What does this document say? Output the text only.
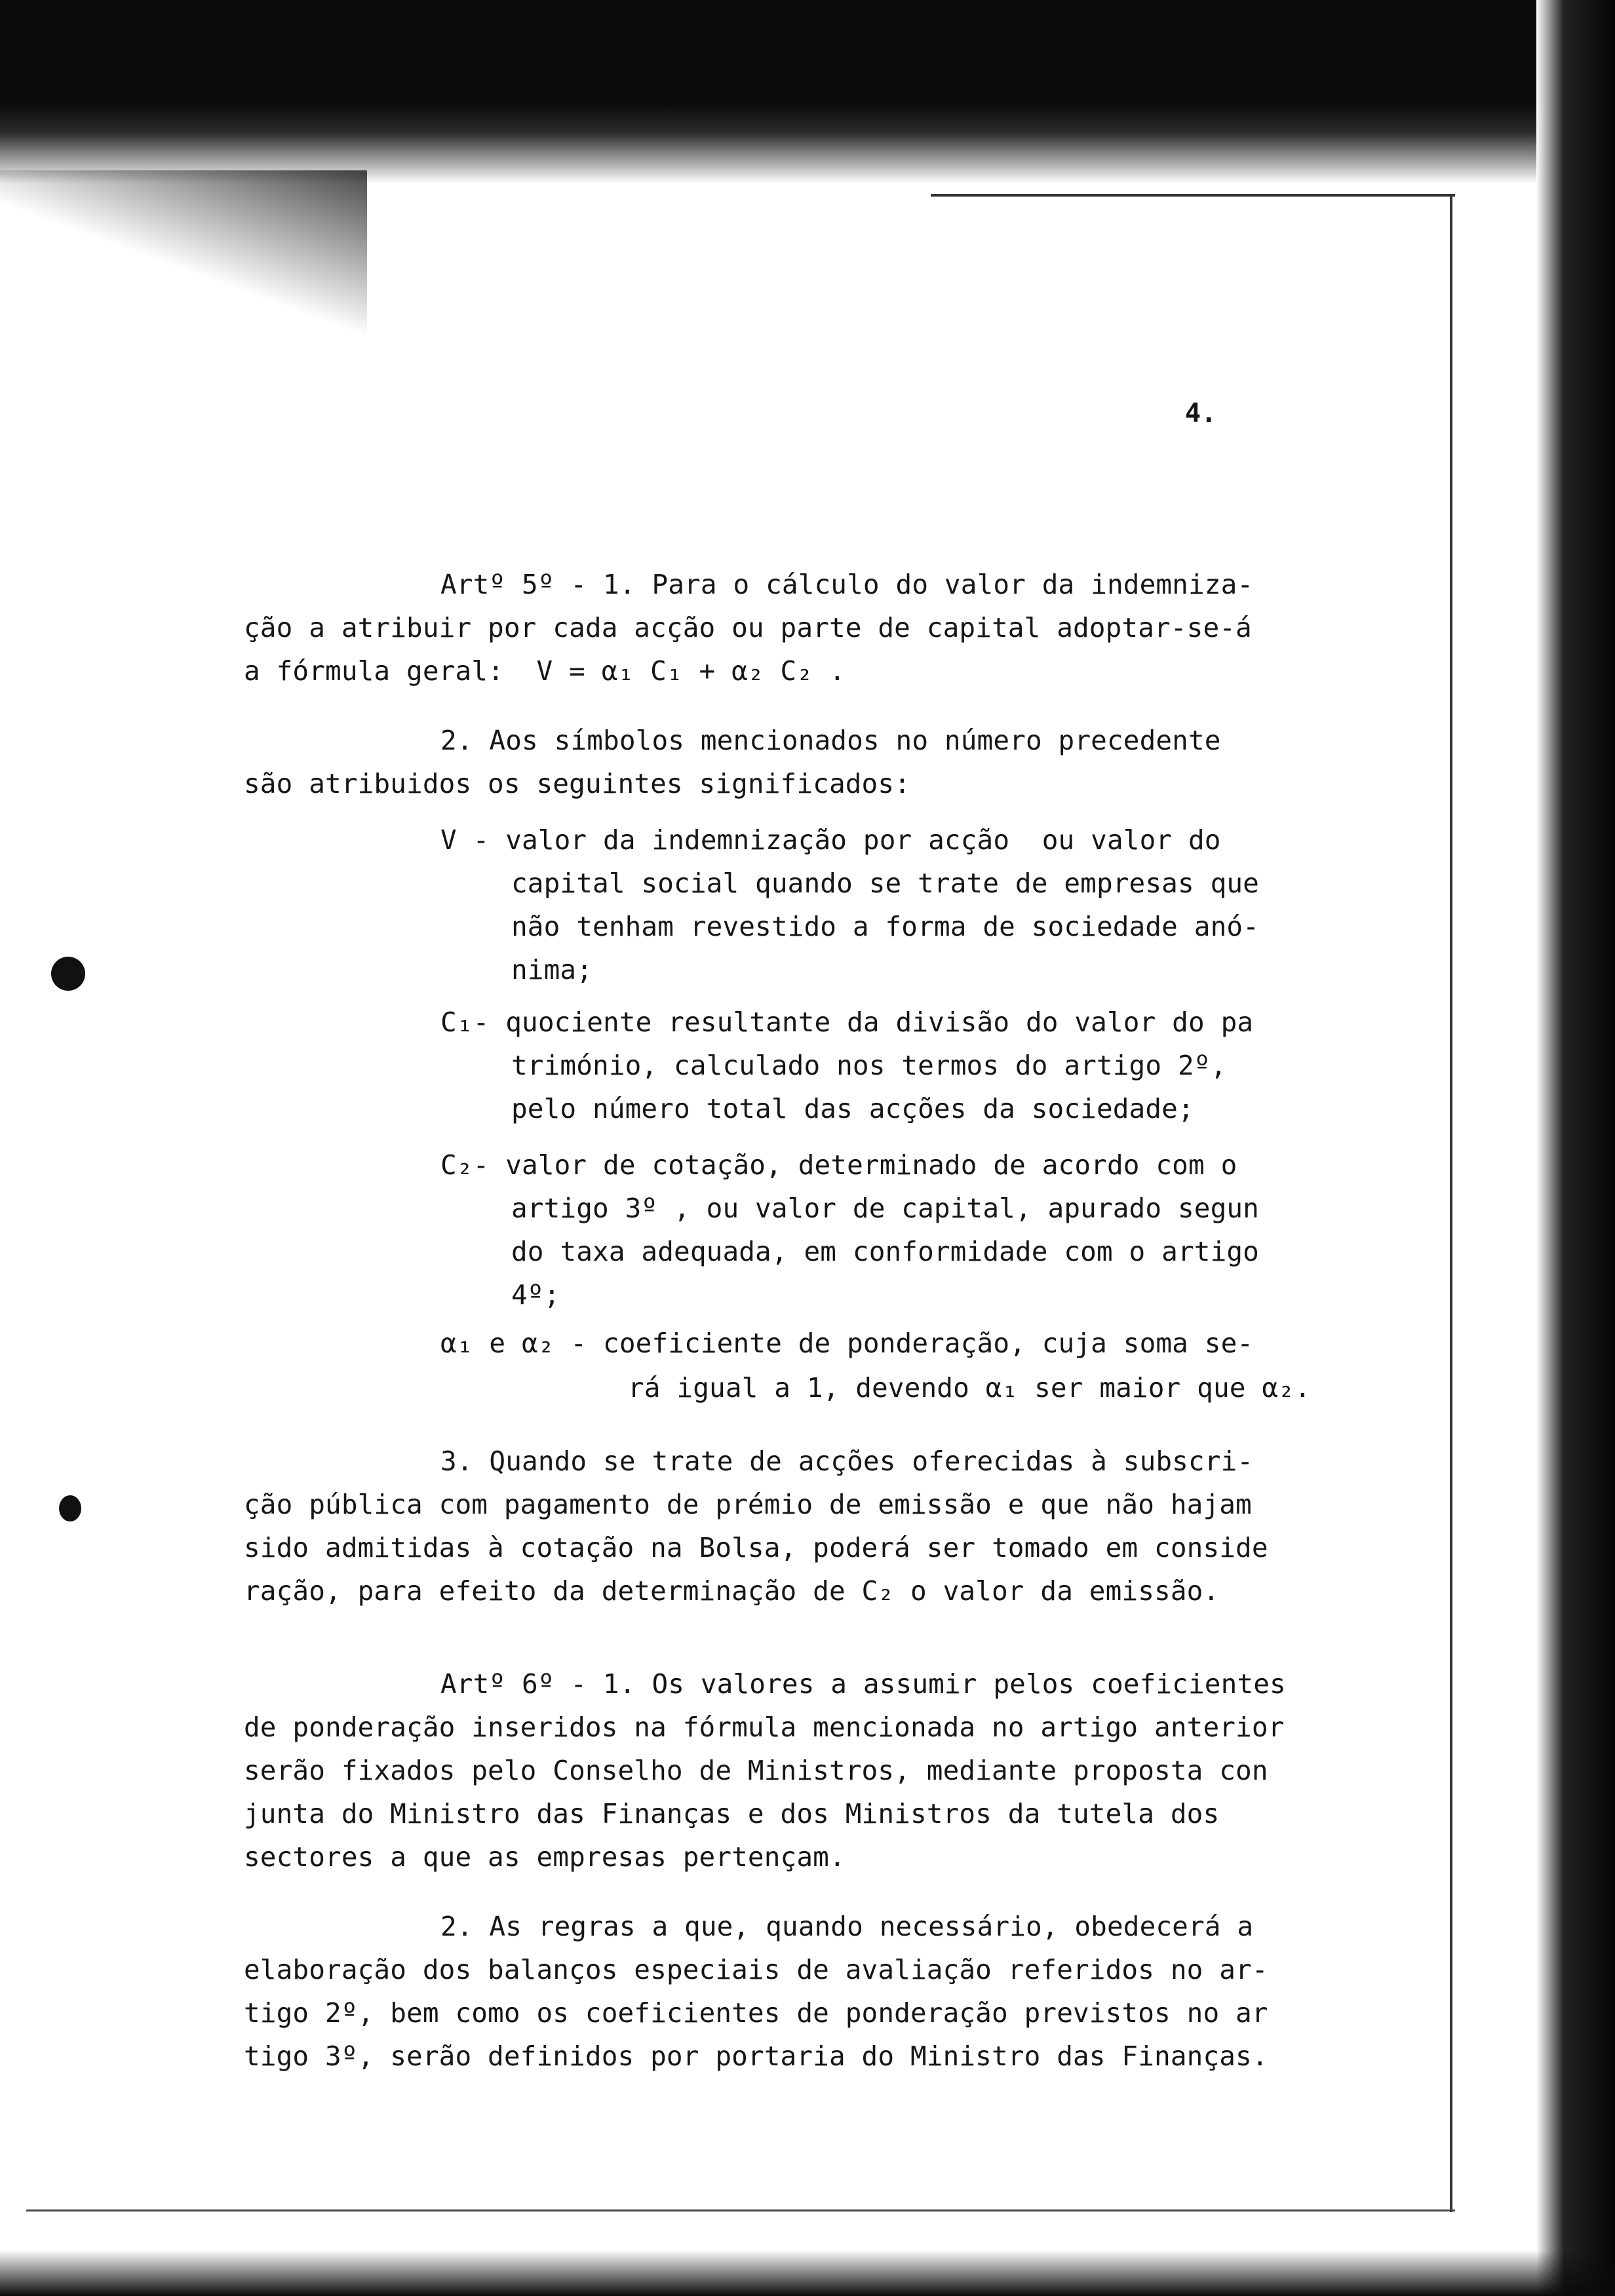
4.
Artº 5º - 1. Para o cálculo do valor da indemniza-
ção a atribuir por cada acção ou parte de capital adoptar-se-á
a fórmula geral:  V = α₁ C₁ + α₂ C₂ .
2. Aos símbolos mencionados no número precedente
são atribuidos os seguintes significados:
V - valor da indemnização por acção  ou valor do
capital social quando se trate de empresas que
não tenham revestido a forma de sociedade anó-
nima;
C₁- quociente resultante da divisão do valor do pa
trimónio, calculado nos termos do artigo 2º,
pelo número total das acções da sociedade;
C₂- valor de cotação, determinado de acordo com o
artigo 3º , ou valor de capital, apurado segun
do taxa adequada, em conformidade com o artigo
4º;
α₁ e α₂ - coeficiente de ponderação, cuja soma se-
rá igual a 1, devendo α₁ ser maior que α₂.
3. Quando se trate de acções oferecidas à subscri-
ção pública com pagamento de prémio de emissão e que não hajam
sido admitidas à cotação na Bolsa, poderá ser tomado em conside
ração, para efeito da determinação de C₂ o valor da emissão.
Artº 6º - 1. Os valores a assumir pelos coeficientes
de ponderação inseridos na fórmula mencionada no artigo anterior
serão fixados pelo Conselho de Ministros, mediante proposta con
junta do Ministro das Finanças e dos Ministros da tutela dos
sectores a que as empresas pertençam.
2. As regras a que, quando necessário, obedecerá a
elaboração dos balanços especiais de avaliação referidos no ar-
tigo 2º, bem como os coeficientes de ponderação previstos no ar
tigo 3º, serão definidos por portaria do Ministro das Finanças.
